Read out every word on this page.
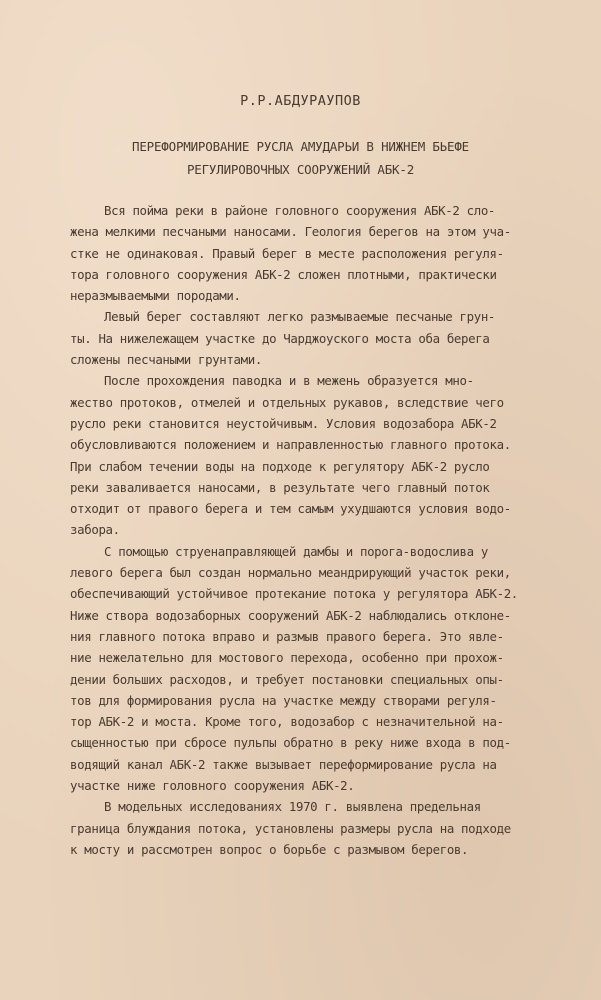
Р.Р.АБДУРАУПОВ
ПЕРЕФОРМИРОВАНИЕ РУСЛА АМУДАРЬИ В НИЖНЕМ БЬЕФЕ
РЕГУЛИРОВОЧНЫХ СООРУЖЕНИЙ АБК-2
Вся пойма реки в районе головного сооружения АБК-2 сло-
жена мелкими песчаными наносами. Геология берегов на этом уча-
стке не одинаковая. Правый берег в месте расположения регуля-
тора головного сооружения АБК-2 сложен плотными, практически
неразмываемыми породами.
Левый берег составляют легко размываемые песчаные грун-
ты. На нижележащем участке до Чарджоуского моста оба берега
сложены песчаными грунтами.
После прохождения паводка и в межень образуется мно-
жество протоков, отмелей и отдельных рукавов, вследствие чего
русло реки становится неустойчивым. Условия водозабора АБК-2
обусловливаются положением и направленностью главного протока.
При слабом течении воды на подходе к регулятору АБК-2 русло
реки заваливается наносами, в результате чего главный поток
отходит от правого берега и тем самым ухудшаются условия водо-
забора.
С помощью струенаправляющей дамбы и порога-водослива у
левого берега был создан нормально меандрирующий участок реки,
обеспечивающий устойчивое протекание потока у регулятора АБК-2.
Ниже створа водозаборных сооружений АБК-2 наблюдались отклоне-
ния главного потока вправо и размыв правого берега. Это явле-
ние нежелательно для мостового перехода, особенно при прохож-
дении больших расходов, и требует постановки специальных опы-
тов для формирования русла на участке между створами регуля-
тор АБК-2 и моста. Кроме того, водозабор с незначительной на-
сыщенностью при сбросе пульпы обратно в реку ниже входа в под-
водящий канал АБК-2 также вызывает переформирование русла на
участке ниже головного сооружения АБК-2.
В модельных исследованиях 1970 г. выявлена предельная
граница блуждания потока, установлены размеры русла на подходе
к мосту и рассмотрен вопрос о борьбе с размывом берегов.
